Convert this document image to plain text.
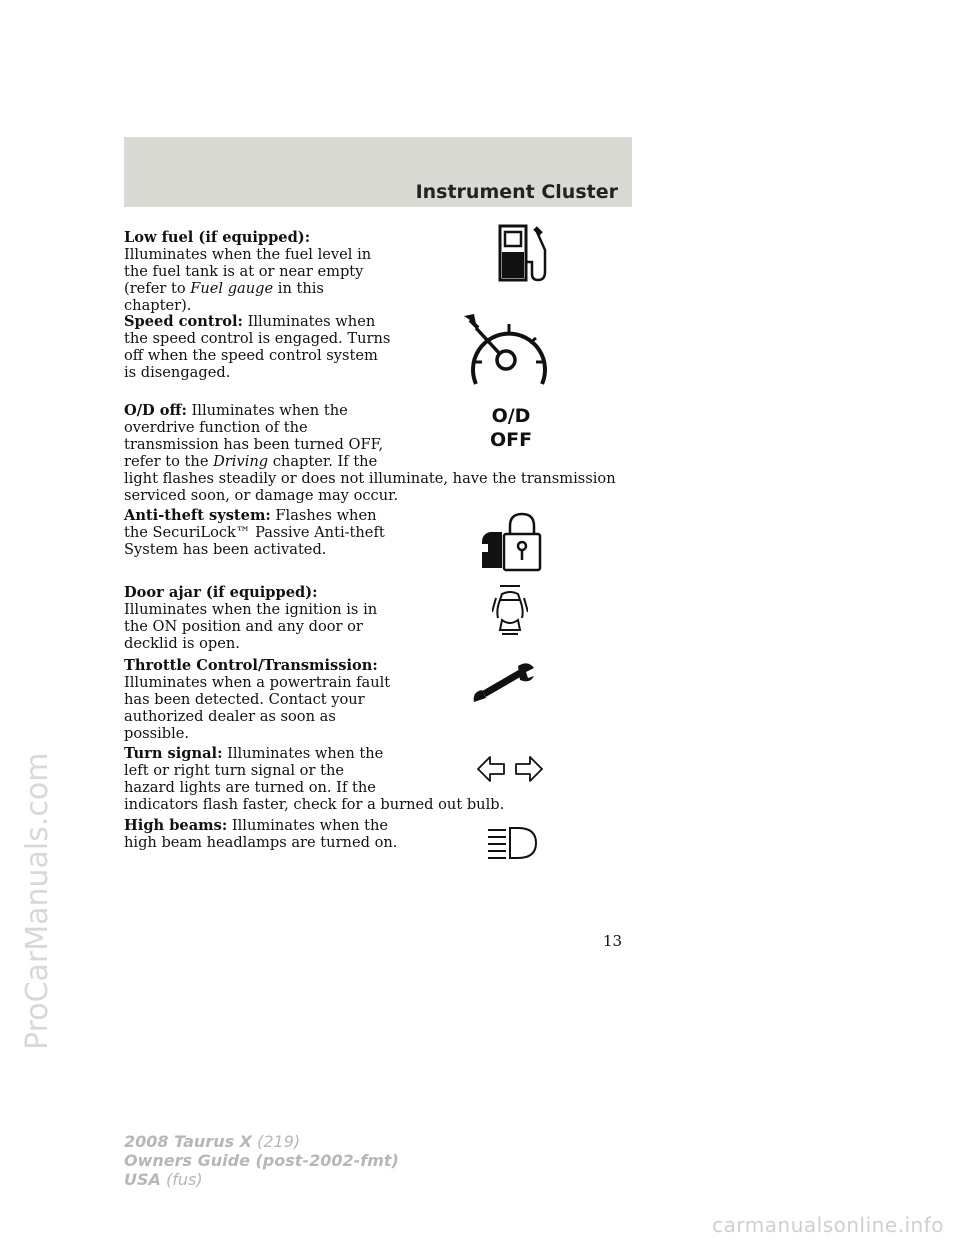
Instrument Cluster

Low fuel (if equipped):

Illuminates when the fuel level in

the fuel tank is at or near empty

(refer to Fuel gauge in this

chapter).

Speed control: Illuminates when

the speed control is engaged. Turns

off when the speed control system

is disengaged.

O/D off: Illuminates when the

overdrive function of the

transmission has been turned OFF,

refer to the Driving chapter. If the

light flashes steadily or does not illuminate, have the transmission

serviced soon, or damage may occur.

O/D
OFF

Anti-theft system: Flashes when

the SecuriLock™ Passive Anti-theft

System has been activated.

Door ajar (if equipped):

Illuminates when the ignition is in

the ON position and any door or

decklid is open.

Throttle Control/Transmission:

Illuminates when a powertrain fault

has been detected. Contact your

authorized dealer as soon as

possible.

Turn signal: Illuminates when the

left or right turn signal or the

hazard lights are turned on. If the

indicators flash faster, check for a burned out bulb.

High beams: Illuminates when the

high beam headlamps are turned on.

13
2008 Taurus X (219)
Owners Guide (post-2002-fmt)
USA (fus)
ProCarManuals.com
carmanualsonline.info
